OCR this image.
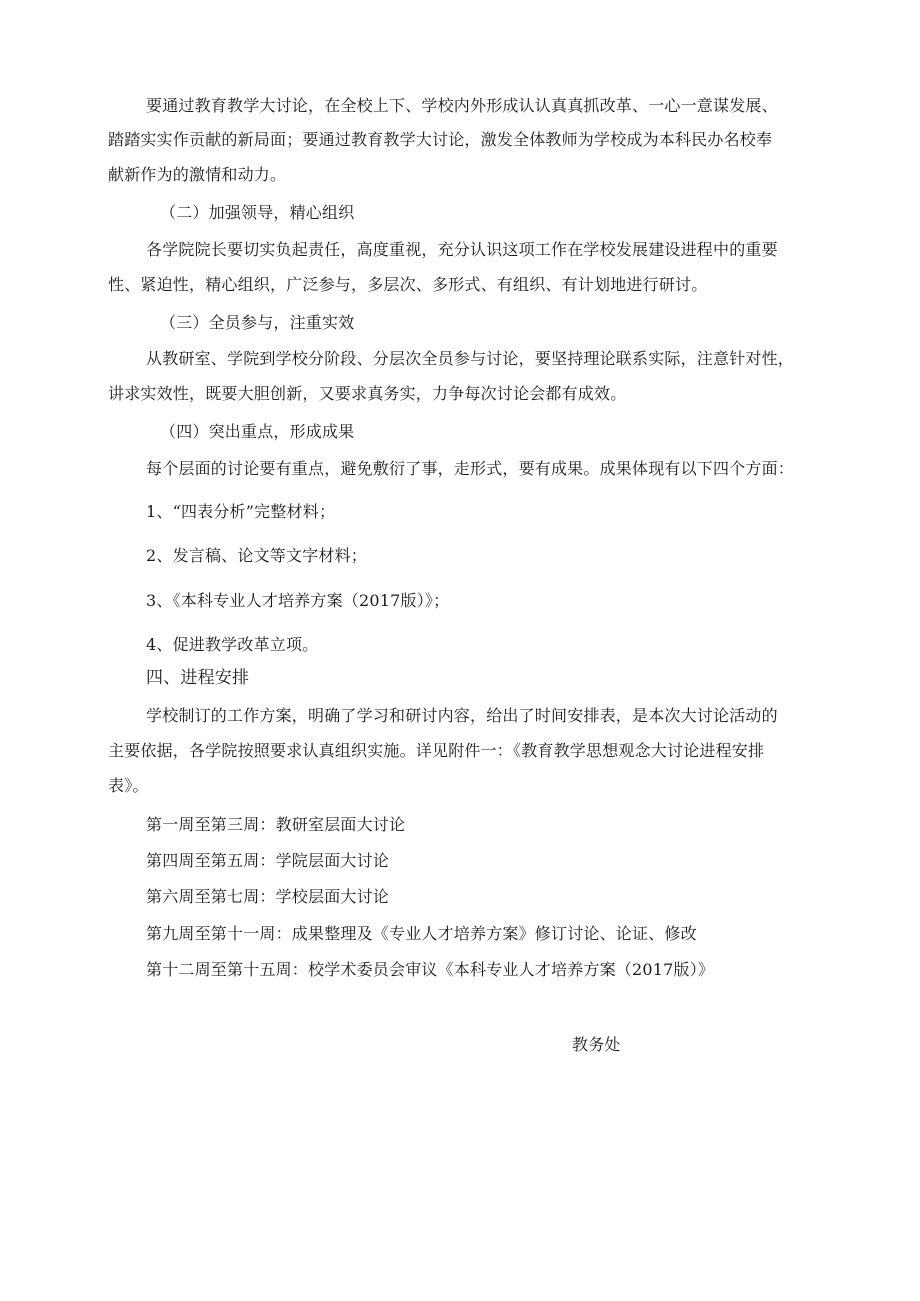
要通过教育教学大讨论，在全校上下、学校内外形成认认真真抓改革、一心一意谋发展、
踏踏实实作贡献的新局面；要通过教育教学大讨论，激发全体教师为学校成为本科民办名校奉
献新作为的激情和动力。
（二）加强领导，精心组织
各学院院长要切实负起责任，高度重视，充分认识这项工作在学校发展建设进程中的重要
性、紧迫性，精心组织，广泛参与，多层次、多形式、有组织、有计划地进行研讨。
（三）全员参与，注重实效
从教研室、学院到学校分阶段、分层次全员参与讨论，要坚持理论联系实际，注意针对性，
讲求实效性，既要大胆创新，又要求真务实，力争每次讨论会都有成效。
（四）突出重点，形成成果
每个层面的讨论要有重点，避免敷衍了事，走形式，要有成果。成果体现有以下四个方面：
1、“四表分析”完整材料；
2、发言稿、论文等文字材料；
3、《本科专业人才培养方案（2017版）》；
4、促进教学改革立项。
四、进程安排
学校制订的工作方案，明确了学习和研讨内容，给出了时间安排表，是本次大讨论活动的
主要依据，各学院按照要求认真组织实施。详见附件一：《教育教学思想观念大讨论进程安排
表》。
第一周至第三周：教研室层面大讨论
第四周至第五周：学院层面大讨论
第六周至第七周：学校层面大讨论
第九周至第十一周：成果整理及《专业人才培养方案》修订讨论、论证、修改
第十二周至第十五周：校学术委员会审议《本科专业人才培养方案（2017版）》
教务处
